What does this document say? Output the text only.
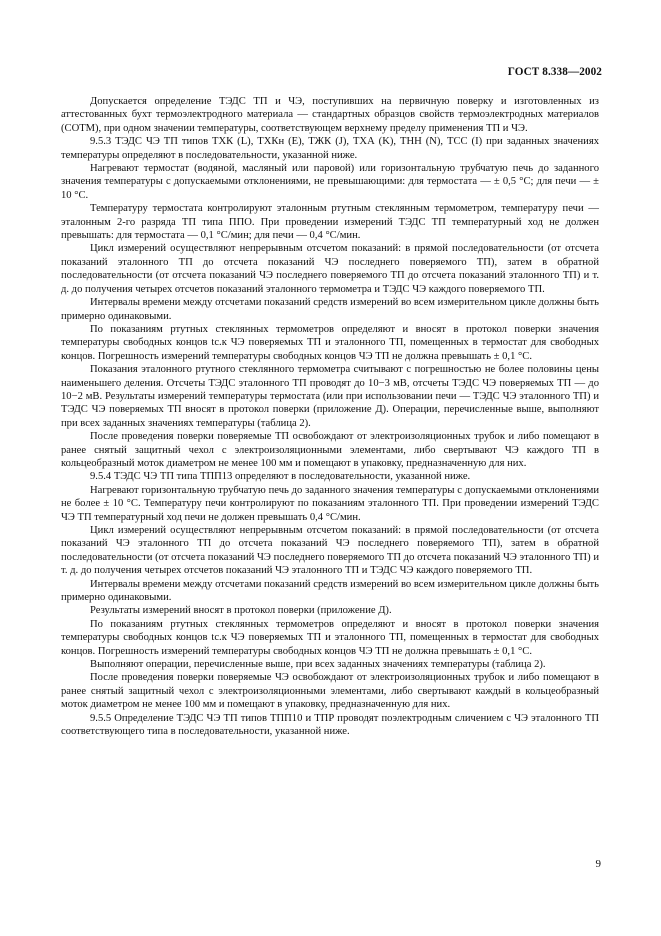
ГОСТ 8.338—2002

Допускается определение ТЭДС ТП и ЧЭ, поступивших на первичную поверку и изготовленных из аттестованных бухт термоэлектродного материала — стандартных образцов свойств термоэлектродных материалов (СОТМ), при одном значении температуры, соответствующем верхнему пределу применения ТП и ЧЭ.

9.5.3 ТЭДС ЧЭ ТП типов ТХК (L), ТХКн (E), ТЖК (J), ТХА (K), ТНН (N), ТСС (I) при заданных значениях температуры определяют в последовательности, указанной ниже.

Нагревают термостат (водяной, масляный или паровой) или горизонтальную трубчатую печь до заданного значения температуры с допускаемыми отклонениями, не превышающими: для термостата — ± 0,5 °С; для печи — ± 10 °С.

Температуру термостата контролируют эталонным ртутным стеклянным термометром, температуру печи — эталонным 2-го разряда ТП типа ППО. При проведении измерений ТЭДС ТП температурный ход не должен превышать: для термостата — 0,1 °С/мин; для печи — 0,4 °С/мин.

Цикл измерений осуществляют непрерывным отсчетом показаний: в прямой последовательности (от отсчета показаний эталонного ТП до отсчета показаний ЧЭ последнего поверяемого ТП), затем в обратной последовательности (от отсчета показаний ЧЭ последнего поверяемого ТП до отсчета показаний эталонного ТП) и т. д. до получения четырех отсчетов показаний эталонного термометра и ТЭДС ЧЭ каждого поверяемого ТП.

Интервалы времени между отсчетами показаний средств измерений во всем измерительном цикле должны быть примерно одинаковыми.

По показаниям ртутных стеклянных термометров определяют и вносят в протокол поверки значения температуры свободных концов tс.к ЧЭ поверяемых ТП и эталонного ТП, помещенных в термостат для свободных концов. Погрешность измерений температуры свободных концов ЧЭ ТП не должна превышать ± 0,1 °С.

Показания эталонного ртутного стеклянного термометра считывают с погрешностью не более половины цены наименьшего деления. Отсчеты ТЭДС эталонного ТП проводят до 10−3 мВ, отсчеты ТЭДС ЧЭ поверяемых ТП — до 10−2 мВ. Результаты измерений температуры термостата (или при использовании печи — ТЭДС ЧЭ эталонного ТП) и ТЭДС ЧЭ поверяемых ТП вносят в протокол поверки (приложение Д). Операции, перечисленные выше, выполняют при всех заданных значениях температуры (таблица 2).

После проведения поверки поверяемые ТП освобождают от электроизоляционных трубок и либо помещают в ранее снятый защитный чехол с электроизоляционными элементами, либо свертывают ЧЭ каждого ТП в кольцеобразный моток диаметром не менее 100 мм и помещают в упаковку, предназначенную для них.

9.5.4 ТЭДС ЧЭ ТП типа ТПП13 определяют в последовательности, указанной ниже.

Нагревают горизонтальную трубчатую печь до заданного значения температуры с допускаемыми отклонениями не более ± 10 °С. Температуру печи контролируют по показаниям эталонного ТП. При проведении измерений ТЭДС ЧЭ ТП температурный ход печи не должен превышать 0,4 °С/мин.

Цикл измерений осуществляют непрерывным отсчетом показаний: в прямой последовательности (от отсчета показаний ЧЭ эталонного ТП до отсчета показаний ЧЭ последнего поверяемого ТП), затем в обратной последовательности (от отсчета показаний ЧЭ последнего поверяемого ТП до отсчета показаний ЧЭ эталонного ТП) и т. д. до получения четырех отсчетов показаний ЧЭ эталонного ТП и ТЭДС ЧЭ каждого поверяемого ТП.

Интервалы времени между отсчетами показаний средств измерений во всем измерительном цикле должны быть примерно одинаковыми.

Результаты измерений вносят в протокол поверки (приложение Д).

По показаниям ртутных стеклянных термометров определяют и вносят в протокол поверки значения температуры свободных концов tс.к ЧЭ поверяемых ТП и эталонного ТП, помещенных в термостат для свободных концов. Погрешность измерений температуры свободных концов ЧЭ ТП не должна превышать ± 0,1 °С.

Выполняют операции, перечисленные выше, при всех заданных значениях температуры (таблица 2).

После проведения поверки поверяемые ЧЭ освобождают от электроизоляционных трубок и либо помещают в ранее снятый защитный чехол с электроизоляционными элементами, либо свертывают каждый в кольцеобразный моток диаметром не менее 100 мм и помещают в упаковку, предназначенную для них.

9.5.5 Определение ТЭДС ЧЭ ТП типов ТПП10 и ТПР проводят поэлектродным сличением с ЧЭ эталонного ТП соответствующего типа в последовательности, указанной ниже.

9
